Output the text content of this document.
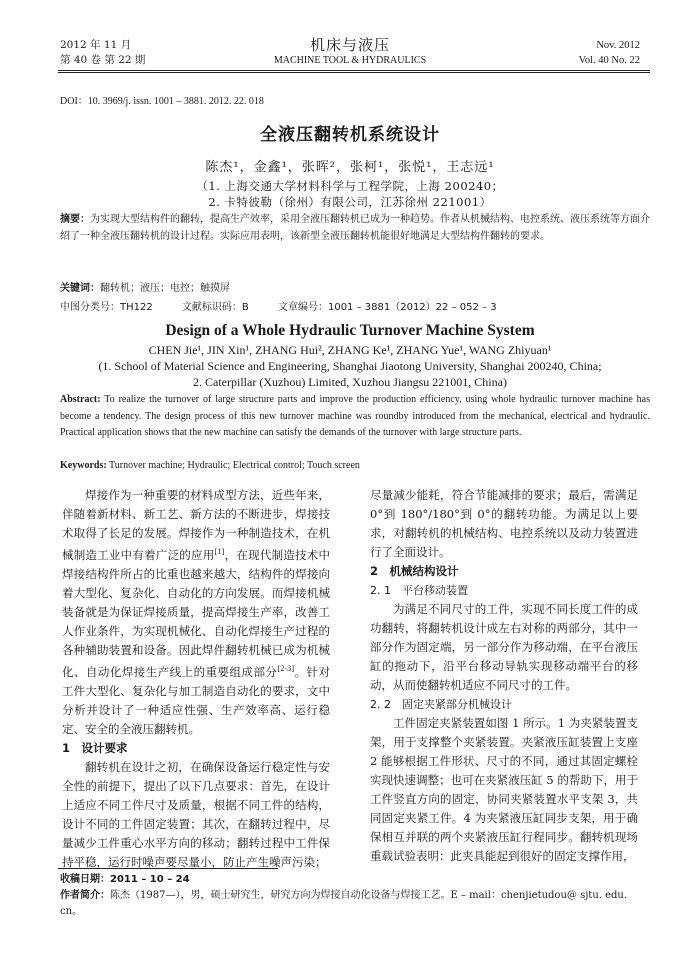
2012 年 11 月
第 40 卷 第 22 期
机床与液压
MACHINE TOOL & HYDRAULICS
Nov. 2012
Vol. 40 No. 22
DOI：10. 3969/j. issn. 1001 – 3881. 2012. 22. 018
全液压翻转机系统设计
陈杰¹，金鑫¹，张晖²，张柯¹，张悦¹，王志远¹
（1. 上海交通大学材料科学与工程学院，上海 200240；
2. 卡特彼勒（徐州）有限公司，江苏徐州 221001）
摘要：为实现大型结构件的翻转，提高生产效率，采用全液压翻转机已成为一种趋势。作者从机械结构、电控系统、液压系统等方面介绍了一种全液压翻转机的设计过程。实际应用表明，该新型全液压翻转机能很好地满足大型结构件翻转的要求。
关键词：翻转机；液压；电控；触摸屏
中图分类号：TH122	文献标识码：B	文章编号：1001 – 3881（2012）22 – 052 – 3
Design of a Whole Hydraulic Turnover Machine System
CHEN Jie¹, JIN Xin¹, ZHANG Hui², ZHANG Ke¹, ZHANG Yue¹, WANG Zhiyuan¹
(1. School of Material Science and Engineering, Shanghai Jiaotong University, Shanghai 200240, China;
2. Caterpillar (Xuzhou) Limited, Xuzhou Jiangsu 221001, China)
Abstract: To realize the turnover of large structure parts and improve the production efficiency, using whole hydraulic turnover machine has become a tendency. The design process of this new turnover machine was roundby introduced from the mechanical, electrical and hydraulic. Practical application shows that the new machine can satisfy the demands of the turnover with large structure parts.
Keywords: Turnover machine; Hydraulic; Electrical control; Touch screen

焊接作为一种重要的材料成型方法，近些年来，伴随着新材料、新工艺、新方法的不断进步，焊接技术取得了长足的发展。焊接作为一种制造技术，在机械制造工业中有着广泛的应用[1]，在现代制造技术中焊接结构件所占的比重也越来越大，结构件的焊接向着大型化、复杂化、自动化的方向发展。而焊接机械装备就是为保证焊接质量，提高焊接生产率，改善工人作业条件，为实现机械化、自动化焊接生产过程的各种辅助装置和设备。因此焊件翻转机械已成为机械化、自动化焊接生产线上的重要组成部分[2-3]。针对工件大型化、复杂化与加工制造自动化的要求，文中分析并设计了一种适应性强、生产效率高、运行稳定、安全的全液压翻转机。

1　设计要求

翻转机在设计之初，在确保设备运行稳定性与安全性的前提下，提出了以下几点要求：首先，在设计上适应不同工件尺寸及质量，根据不同工件的结构，设计不同的工件固定装置；其次，在翻转过程中，尽量减少工件重心水平方向的移动；翻转过程中工件保持平稳，运行时噪声要尽量小，防止产生噪声污染；

尽量减少能耗，符合节能减排的要求；最后，需满足 0°到 180°/180°到 0°的翻转功能。为满足以上要求，对翻转机的机械结构、电控系统以及动力装置进行了全面设计。

2　机械结构设计

2. 1　平台移动装置

为满足不同尺寸的工件，实现不同长度工件的成功翻转，将翻转机设计成左右对称的两部分，其中一部分作为固定端，另一部分作为移动端，在平台液压缸的拖动下，沿平台移动导轨实现移动端平台的移动，从而使翻转机适应不同尺寸的工件。

2. 2　固定夹紧部分机械设计

工件固定夹紧装置如图 1 所示。1 为夹紧装置支架，用于支撑整个夹紧装置。夹紧液压缸装置上支座 2 能够根据工件形状、尺寸的不同，通过其固定螺栓实现快速调整；也可在夹紧液压缸 5 的帮助下，用于工件竖直方向的固定，协同夹紧装置水平支架 3，共同固定夹紧工件。4 为夹紧液压缸同步支架，用于确保相互并联的两个夹紧液压缸行程同步。翻转机现场重载试验表明：此夹具能起到很好的固定支撑作用，

收稿日期：2011 – 10 – 24
作者简介：陈杰（1987—），男，硕士研究生，研究方向为焊接自动化设备与焊接工艺。E – mail：chenjietudou@ sjtu. edu. cn。
